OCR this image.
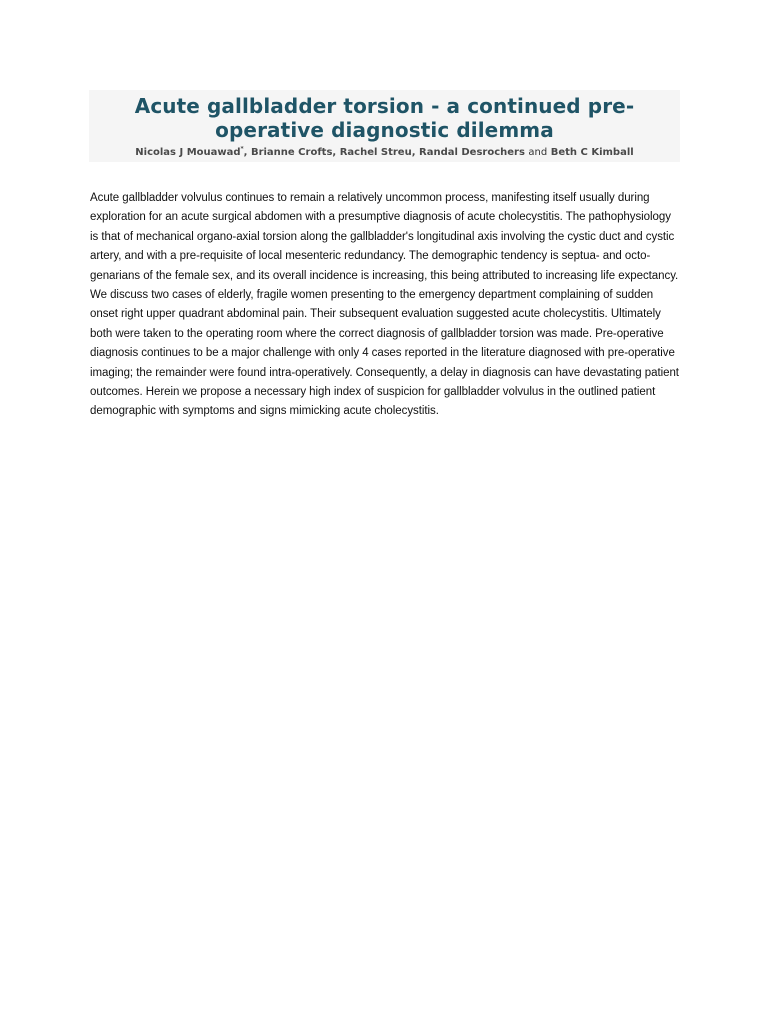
Acute gallbladder torsion - a continued pre-operative diagnostic dilemma
Nicolas J Mouawad*, Brianne Crofts, Rachel Streu, Randal Desrochers and Beth C Kimball

Acute gallbladder volvulus continues to remain a relatively uncommon process, manifesting itself usually during exploration for an acute surgical abdomen with a presumptive diagnosis of acute cholecystitis. The pathophysiology is that of mechanical organo-axial torsion along the gallbladder's longitudinal axis involving the cystic duct and cystic artery, and with a pre-requisite of local mesenteric redundancy. The demographic tendency is septua- and octo-genarians of the female sex, and its overall incidence is increasing, this being attributed to increasing life expectancy. We discuss two cases of elderly, fragile women presenting to the emergency department complaining of sudden onset right upper quadrant abdominal pain. Their subsequent evaluation suggested acute cholecystitis. Ultimately both were taken to the operating room where the correct diagnosis of gallbladder torsion was made. Pre-operative diagnosis continues to be a major challenge with only 4 cases reported in the literature diagnosed with pre-operative imaging; the remainder were found intra-operatively. Consequently, a delay in diagnosis can have devastating patient outcomes. Herein we propose a necessary high index of suspicion for gallbladder volvulus in the outlined patient demographic with symptoms and signs mimicking acute cholecystitis.
